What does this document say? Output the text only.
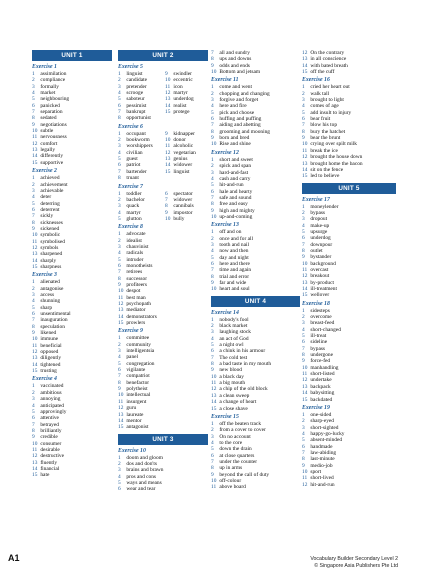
UNIT 1
Exercise 1
1 assimilation
2 compliance
3 formally
4 market
5 neighbouring
6 panicked
7 separation
8 sedated
9 negotiations
10 subtle
11 nervousness
12 comfort
13 legally
14 differently
15 supportive
Exercise 2
1 achieved
2 achievement
3 achievable
4 deter
5 deterring
6 deterrent
7 sickly
8 sicknesses
9 sickened
10 symbolic
11 symbolised
12 symbols
13 sharpened
14 sharply
15 sharpness
Exercise 3
1 alienated
2 antagonise
3 access
4 shunning
5 sharp
6 unsentimental
7 inauguration
8 speculation
9 likened
10 immune
11 beneficial
12 opposed
13 diligently
14 tightened
15 trusting
Exercise 4
1 vaccinated
2 ambitious
3 annoying
4 anticipated
5 approvingly
6 attentive
7 betrayed
8 brilliantly
9 credible
10 consumer
11 desirable
12 destructive
13 fluently
14 financial
15 hate
UNIT 2
Exercise 5
1 linguist
2 candidate
3 pretender
4 scrooge
5 saboteur
6 pessimist
7 bankrupt
8 opportunist
9 swindler
10 eccentric
11 icon
12 martyr
13 underdog
14 realist
15 protege
Exercise 6
1 occupant
2 bookworm
3 worshippers
4 civilian
5 guest
6 patriot
7 bartender
8 truant
9 kidnapper
10 donor
11 alcoholic
12 vegetarian
13 genius
14 widower
15 linguist
Exercise 7
1 toddler
2 bachelor
3 quack
4 martyr
5 glutton
6 spectator
7 widower
8 cannibals
9 impostor
10 bully
Exercise 8
1 advocate
2 idealist
3 chauvinist
4 radicals
5 intruder
6 monotheists
7 retirees
8 successor
9 profiteers
10 despot
11 best man
12 psychopath
13 mediator
14 demonstrators
15 prowlers
Exercise 9
1 committee
2 community
3 intelligentsia
4 panel
5 congregation
6 vigilante
7 compatriot
8 benefactor
9 polytheist
10 intellectual
11 insurgent
12 guru
13 laureate
14 mentor
15 antagonist
UNIT 3
Exercise 10
1 doom and gloom
2 dos and don'ts
3 brains and brawn
4 pros and cons
5 ways and means
6 wear and tear
7 all and sundry
8 ups and downs
9 odds and ends
10 Bottom and jetsam
Exercise 11
1 come and went
2 chopping and changing
3 forgive and forget
4 here and fire
5 pick and choose
6 huffing and puffing
7 aiding and abetting
8 grooming and mooning
9 born and bred
10 Rise and shine
Exercise 12
1 short and sweet
2 spick and span
3 hard-and-fast
4 cash and carry
5 hit-and-run
6 hale and hearty
7 safe and sound
8 free and easy
9 high and mighty
10 up-and-coming
Exercise 13
1 off and on
2 once and for all
3 tooth and nail
4 now and then
5 day and night
6 here and there
7 time and again
8 trial and error
9 far and wide
10 heart and soul
UNIT 4
Exercise 14
1 nobody's fool
2 black market
3 laughing stock
4 an act of God
5 a night owl
6 a chink in his armour
7 The cold test
8 a bad taste in my mouth
9 new blood
10 a black day
11 a big mouth
12 a chip of the old block
13 a clean sweep
14 a change of heart
15 a close shave
Exercise 15
1 off the beaten track
2 from a cover to cover
3 On no account
4 to the core
5 down the drain
6 at close quarters
7 under the counter
8 up in arms
9 beyond the call of duty
10 off-colour
11 above board
12 On the contrary
13 in all conscience
14 with bated breath
15 off the cuff
Exercise 16
1 cried her heart out
2 walk tall
3 brought to light
4 comes of age
5 add insult to injury
6 bear fruit
7 blow his top
8 bury the hatchet
9 bear the brunt
10 crying over spilt milk
11 break the ice
12 brought the house down
13 brought home the bacon
14 sit on the fence
15 led to believe
UNIT 5
Exercise 17
1 moneylender
2 bypass
3 dropout
4 make-up
5 upsurge
6 underdog
7 downpour
8 outlet
9 bystander
10 background
11 overcast
12 breakout
13 by-product
14 ill-treatment
15 wellover
Exercise 18
1 sidesteps
2 overcome
3 breast-feed
4 short-changed
5 ill-treat
6 sideline
7 bypass
8 undergone
9 force-fed
10 manhandling
11 short-listed
12 undertake
13 backpack
14 babysitting
15 backdated
Exercise 19
1 one-sided
2 sharp-eyed
3 short-sighted
4 happy-go-lucky
5 absent-minded
6 handmade
7 law-abiding
8 last-minute
9 medio-job
10 sport
11 short-lived
12 hit-and-run
A1	Vocabulary Builder Secondary Level 2
© Singapore Asia Publishers Pte Ltd
